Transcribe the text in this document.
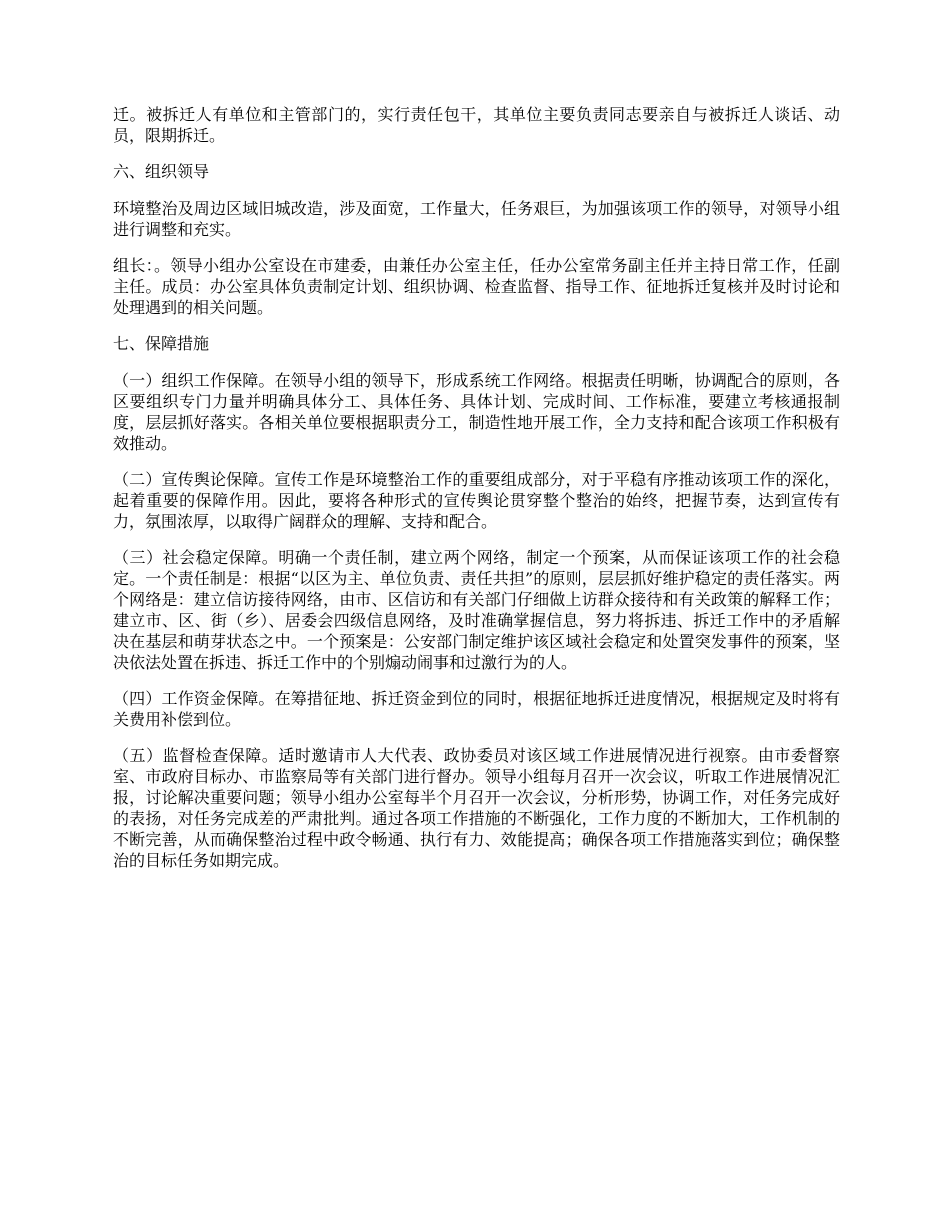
迁。被拆迁人有单位和主管部门的，实行责任包干，其单位主要负责同志要亲自与被拆迁人谈话、动员，限期拆迁。

六、组织领导

环境整治及周边区域旧城改造，涉及面宽，工作量大，任务艰巨，为加强该项工作的领导，对领导小组进行调整和充实。

组长：。领导小组办公室设在市建委，由兼任办公室主任，任办公室常务副主任并主持日常工作，任副主任。成员：办公室具体负责制定计划、组织协调、检查监督、指导工作、征地拆迁复核并及时讨论和处理遇到的相关问题。

七、保障措施

（一）组织工作保障。在领导小组的领导下，形成系统工作网络。根据责任明晰，协调配合的原则，各区要组织专门力量并明确具体分工、具体任务、具体计划、完成时间、工作标准，要建立考核通报制度，层层抓好落实。各相关单位要根据职责分工，制造性地开展工作，全力支持和配合该项工作积极有效推动。

（二）宣传舆论保障。宣传工作是环境整治工作的重要组成部分，对于平稳有序推动该项工作的深化，起着重要的保障作用。因此，要将各种形式的宣传舆论贯穿整个整治的始终，把握节奏，达到宣传有力，氛围浓厚，以取得广阔群众的理解、支持和配合。

（三）社会稳定保障。明确一个责任制，建立两个网络，制定一个预案，从而保证该项工作的社会稳定。一个责任制是：根据“以区为主、单位负责、责任共担”的原则，层层抓好维护稳定的责任落实。两个网络是：建立信访接待网络，由市、区信访和有关部门仔细做上访群众接待和有关政策的解释工作；建立市、区、街（乡）、居委会四级信息网络，及时准确掌握信息，努力将拆违、拆迁工作中的矛盾解决在基层和萌芽状态之中。一个预案是：公安部门制定维护该区域社会稳定和处置突发事件的预案，坚决依法处置在拆违、拆迁工作中的个别煽动闹事和过激行为的人。

（四）工作资金保障。在筹措征地、拆迁资金到位的同时，根据征地拆迁进度情况，根据规定及时将有关费用补偿到位。

（五）监督检查保障。适时邀请市人大代表、政协委员对该区域工作进展情况进行视察。由市委督察室、市政府目标办、市监察局等有关部门进行督办。领导小组每月召开一次会议，听取工作进展情况汇报，讨论解决重要问题；领导小组办公室每半个月召开一次会议，分析形势，协调工作，对任务完成好的表扬，对任务完成差的严肃批判。通过各项工作措施的不断强化，工作力度的不断加大，工作机制的不断完善，从而确保整治过程中政令畅通、执行有力、效能提高；确保各项工作措施落实到位；确保整治的目标任务如期完成。
